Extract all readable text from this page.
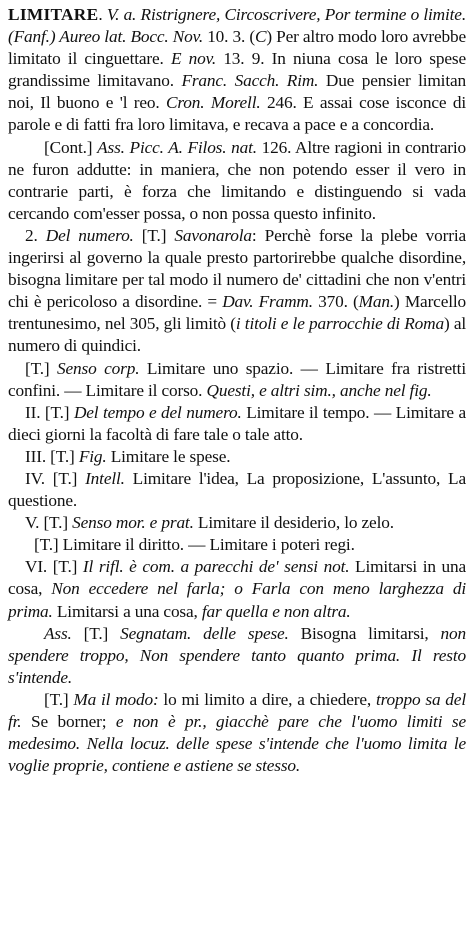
LIMITARE. V. a. Ristrignere, Circoscrivere, Por termine o limite. (Fanf.) Aureo lat. Bocc. Nov. 10. 3. (C) Per altro modo loro avrebbe limitato il cinguettare. E nov. 13. 9. In niuna cosa le loro spese grandissime limitavano. Franc. Sacch. Rim. Due pensier limitan noi, Il buono e 'l reo. Cron. Morell. 246. E assai cose isconce di parole e di fatti fra loro limitava, e recava a pace e a concordia.

[Cont.] Ass. Picc. A. Filos. nat. 126. Altre ragioni in contrario ne furon addutte: in maniera, che non potendo esser il vero in contrarie parti, è forza che limitando e distinguendo si vada cercando com'esser possa, o non possa questo infinito.

2. Del numero. [T.] Savonarola: Perchè forse la plebe vorria ingerirsi al governo la quale presto partorirebbe qualche disordine, bisogna limitare per tal modo il numero de' cittadini che non v'entri chi è pericoloso a disordine. = Dav. Framm. 370. (Man.) Marcello trentunesimo, nel 305, gli limitò (i titoli e le parrocchie di Roma) al numero di quindici.

[T.] Senso corp. Limitare uno spazio. — Limitare fra ristretti confini. — Limitare il corso. Questi, e altri sim., anche nel fig.

II. [T.] Del tempo e del numero. Limitare il tempo. — Limitare a dieci giorni la facoltà di fare tale o tale atto.

III. [T.] Fig. Limitare le spese.

IV. [T.] Intell. Limitare l'idea, La proposizione, L'assunto, La questione.

V. [T.] Senso mor. e prat. Limitare il desiderio, lo zelo.

[T.] Limitare il diritto. — Limitare i poteri regi.

VI. [T.] Il rifl. è com. a parecchi de' sensi not. Limitarsi in una cosa, Non eccedere nel farla; o Farla con meno larghezza di prima. Limitarsi a una cosa, far quella e non altra.

Ass. [T.] Segnatam. delle spese. Bisogna limitarsi, non spendere troppo, Non spendere tanto quanto prima. Il resto s'intende.

[T.] Ma il modo: lo mi limito a dire, a chiedere, troppo sa del fr. Se borner; e non è pr., giacchè pare che l'uomo limiti se medesimo. Nella locuz. delle spese s'intende che l'uomo limita le voglie proprie, contiene e astiene se stesso.
